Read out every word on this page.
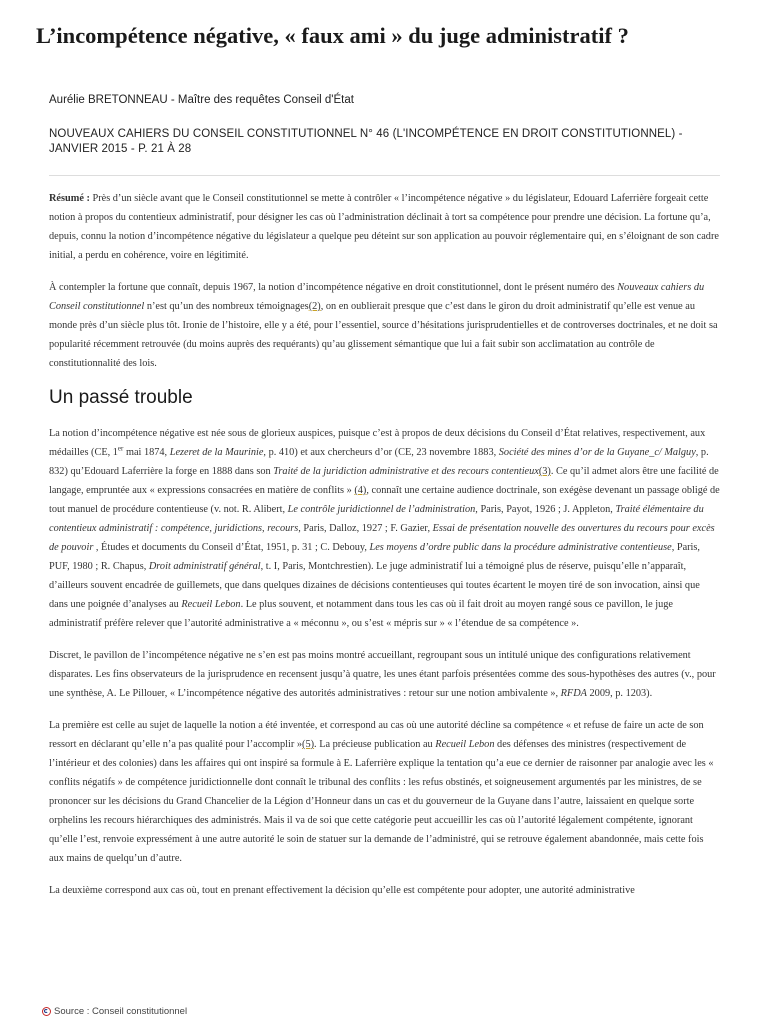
L’incompétence négative, « faux ami » du juge administratif ?
Aurélie BRETONNEAU - Maître des requêtes Conseil d'État
NOUVEAUX CAHIERS DU CONSEIL CONSTITUTIONNEL N° 46 (L'INCOMPÉTENCE EN DROIT CONSTITUTIONNEL) - JANVIER 2015 - P. 21 À 28

Résumé : Près d’un siècle avant que le Conseil constitutionnel se mette à contrôler « l’incompétence négative » du législateur, Edouard Laferrière forgeait cette notion à propos du contentieux administratif, pour désigner les cas où l’administration déclinait à tort sa compétence pour prendre une décision. La fortune qu’a, depuis, connu la notion d’incompétence négative du législateur a quelque peu déteint sur son application au pouvoir réglementaire qui, en s’éloignant de son cadre initial, a perdu en cohérence, voire en légitimité.

À contempler la fortune que connaît, depuis 1967, la notion d’incompétence négative en droit constitutionnel, dont le présent numéro des Nouveaux cahiers du Conseil constitutionnel n’est qu’un des nombreux témoignages(2), on en oublierait presque que c’est dans le giron du droit administratif qu’elle est venue au monde près d’un siècle plus tôt. Ironie de l’histoire, elle y a été, pour l’essentiel, source d’hésitations jurisprudentielles et de controverses doctrinales, et ne doit sa popularité récemment retrouvée (du moins auprès des requérants) qu’au glissement sémantique que lui a fait subir son acclimatation au contrôle de constitutionnalité des lois.

Un passé trouble

La notion d’incompétence négative est née sous de glorieux auspices, puisque c’est à propos de deux décisions du Conseil d’État relatives, respectivement, aux médailles (CE, 1er mai 1874, Lezeret de la Maurinie, p. 410) et aux chercheurs d’or (CE, 23 novembre 1883, Société des mines d’or de la Guyane_c/ Malguy, p. 832) qu’Edouard Laferrière la forge en 1888 dans son Traité de la juridiction administrative et des recours contentieux(3). Ce qu’il admet alors être une facilité de langage, empruntée aux « expressions consacrées en matière de conflits » (4), connaît une certaine audience doctrinale, son exégèse devenant un passage obligé de tout manuel de procédure contentieuse (v. not. R. Alibert, Le contrôle juridictionnel de l’administration, Paris, Payot, 1926 ; J. Appleton, Traité élémentaire du contentieux administratif : compétence, juridictions, recours, Paris, Dalloz, 1927 ; F. Gazier, Essai de présentation nouvelle des ouvertures du recours pour excès de pouvoir , Études et documents du Conseil d’État, 1951, p. 31 ; C. Debouy, Les moyens d’ordre public dans la procédure administrative contentieuse, Paris, PUF, 1980 ; R. Chapus, Droit administratif général, t. I, Paris, Montchrestien). Le juge administratif lui a témoigné plus de réserve, puisqu’elle n’apparaît, d’ailleurs souvent encadrée de guillemets, que dans quelques dizaines de décisions contentieuses qui toutes écartent le moyen tiré de son invocation, ainsi que dans une poignée d’analyses au Recueil Lebon. Le plus souvent, et notamment dans tous les cas où il fait droit au moyen rangé sous ce pavillon, le juge administratif préfère relever que l’autorité administrative a « méconnu », ou s’est « mépris sur » « l’étendue de sa compétence ».

Discret, le pavillon de l’incompétence négative ne s’en est pas moins montré accueillant, regroupant sous un intitulé unique des configurations relativement disparates. Les fins observateurs de la jurisprudence en recensent jusqu’à quatre, les unes étant parfois présentées comme des sous-hypothèses des autres (v., pour une synthèse, A. Le Pillouer, « L’incompétence négative des autorités administratives : retour sur une notion ambivalente », RFDA 2009, p. 1203).

La première est celle au sujet de laquelle la notion a été inventée, et correspond au cas où une autorité décline sa compétence « et refuse de faire un acte de son ressort en déclarant qu’elle n’a pas qualité pour l’accomplir »(5). La précieuse publication au Recueil Lebon des défenses des ministres (respectivement de l’intérieur et des colonies) dans les affaires qui ont inspiré sa formule à E. Laferrière explique la tentation qu’a eue ce dernier de raisonner par analogie avec les « conflits négatifs » de compétence juridictionnelle dont connaît le tribunal des conflits : les refus obstinés, et soigneusement argumentés par les ministres, de se prononcer sur les décisions du Grand Chancelier de la Légion d’Honneur dans un cas et du gouverneur de la Guyane dans l’autre, laissaient en quelque sorte orphelins les recours hiérarchiques des administrés. Mais il va de soi que cette catégorie peut accueillir les cas où l’autorité légalement compétente, ignorant qu’elle l’est, renvoie expressément à une autre autorité le soin de statuer sur la demande de l’administré, qui se retrouve également abandonnée, mais cette fois aux mains de quelqu’un d’autre.

La deuxième correspond aux cas où, tout en prenant effectivement la décision qu’elle est compétente pour adopter, une autorité administrative

Source : Conseil constitutionnel
